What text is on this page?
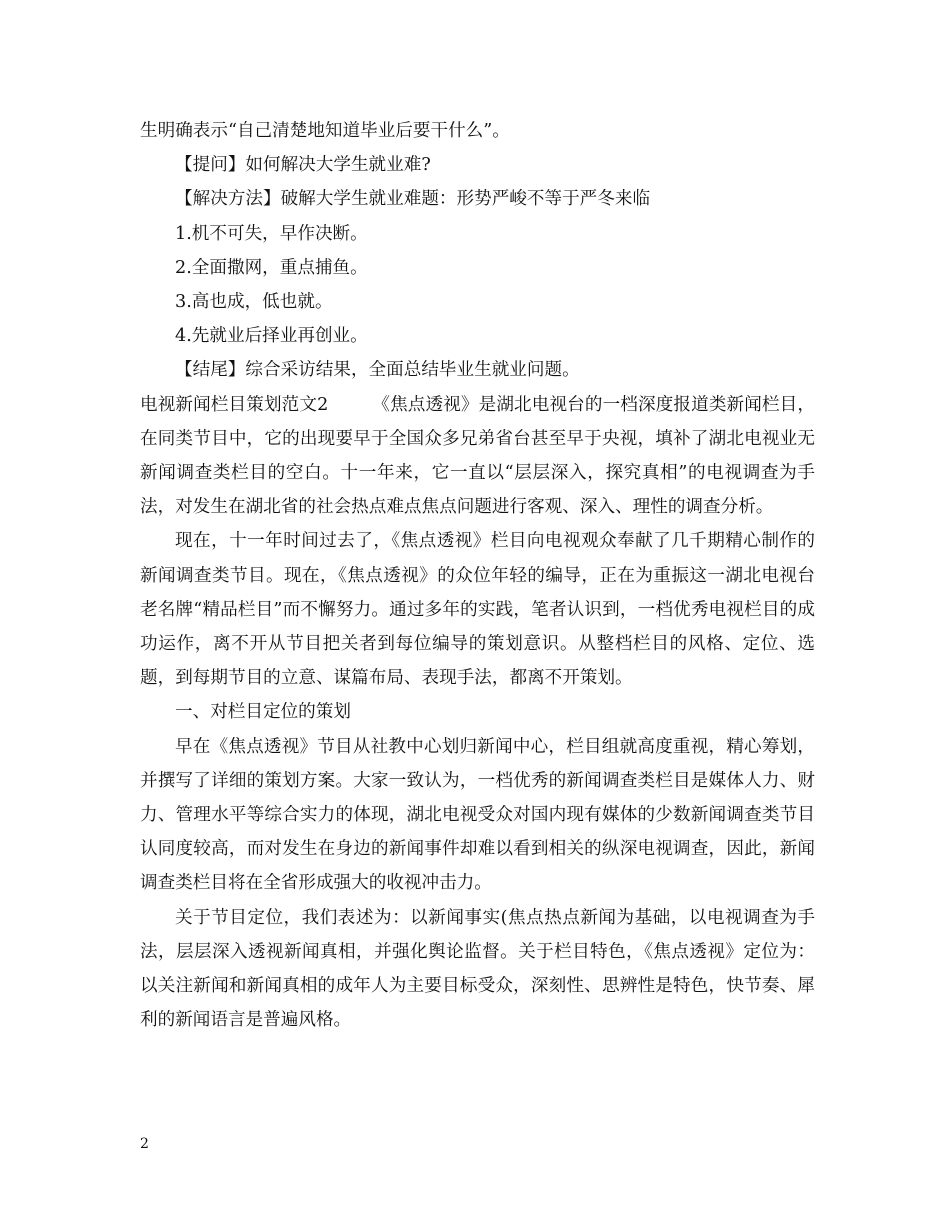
生明确表示“自己清楚地知道毕业后要干什么”。

【提问】如何解决大学生就业难?

【解决方法】破解大学生就业难题：形势严峻不等于严冬来临

1.机不可失，早作决断。

2.全面撒网，重点捕鱼。

3.高也成，低也就。

4.先就业后择业再创业。

【结尾】综合采访结果，全面总结毕业生就业问题。

电视新闻栏目策划范文2	《焦点透视》是湖北电视台的一档深度报道类新闻栏目，在同类节目中，它的出现要早于全国众多兄弟省台甚至早于央视，填补了湖北电视业无新闻调查类栏目的空白。十一年来，它一直以“层层深入，探究真相”的电视调查为手法，对发生在湖北省的社会热点难点焦点问题进行客观、深入、理性的调查分析。

现在，十一年时间过去了，《焦点透视》栏目向电视观众奉献了几千期精心制作的新闻调查类节目。现在，《焦点透视》的众位年轻的编导，正在为重振这一湖北电视台老名牌“精品栏目”而不懈努力。通过多年的实践，笔者认识到，一档优秀电视栏目的成功运作，离不开从节目把关者到每位编导的策划意识。从整档栏目的风格、定位、选题，到每期节目的立意、谋篇布局、表现手法，都离不开策划。

一、对栏目定位的策划

早在《焦点透视》节目从社教中心划归新闻中心，栏目组就高度重视，精心筹划，并撰写了详细的策划方案。大家一致认为，一档优秀的新闻调查类栏目是媒体人力、财力、管理水平等综合实力的体现，湖北电视受众对国内现有媒体的少数新闻调查类节目认同度较高，而对发生在身边的新闻事件却难以看到相关的纵深电视调查，因此，新闻调查类栏目将在全省形成强大的收视冲击力。

关于节目定位，我们表述为：以新闻事实(焦点热点新闻为基础，以电视调查为手法，层层深入透视新闻真相，并强化舆论监督。关于栏目特色，《焦点透视》定位为：以关注新闻和新闻真相的成年人为主要目标受众，深刻性、思辨性是特色，快节奏、犀利的新闻语言是普遍风格。

2
